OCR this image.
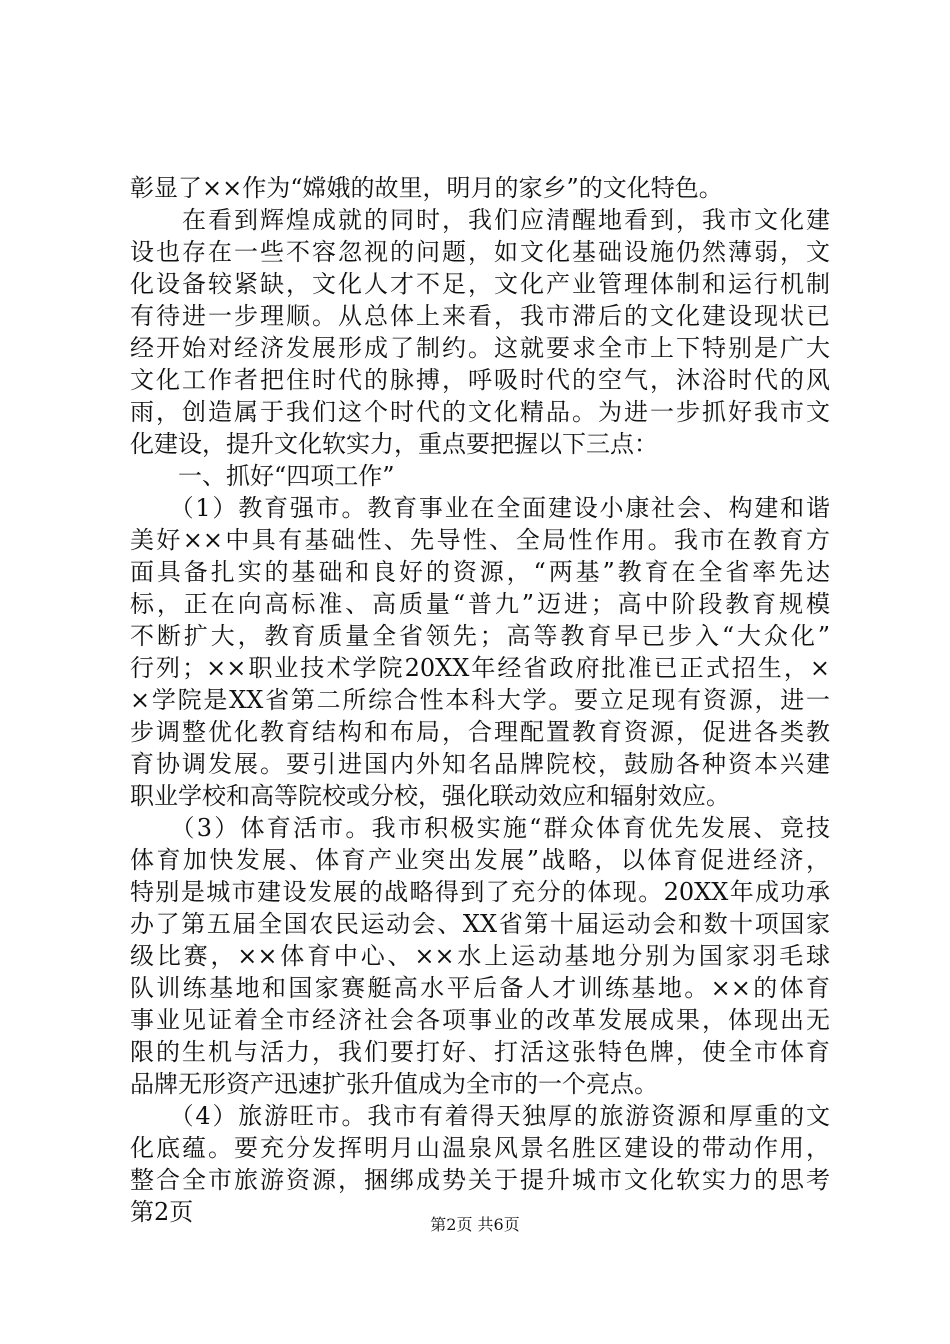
彰显了××作为“嫦娥的故里，明月的家乡”的文化特色。
　　在看到辉煌成就的同时，我们应清醒地看到，我市文化建
设也存在一些不容忽视的问题，如文化基础设施仍然薄弱，文
化设备较紧缺，文化人才不足，文化产业管理体制和运行机制
有待进一步理顺。从总体上来看，我市滞后的文化建设现状已
经开始对经济发展形成了制约。这就要求全市上下特别是广大
文化工作者把住时代的脉搏，呼吸时代的空气，沐浴时代的风
雨，创造属于我们这个时代的文化精品。为进一步抓好我市文
化建设，提升文化软实力，重点要把握以下三点：
　　一、抓好“四项工作”
　　（1）教育强市。教育事业在全面建设小康社会、构建和谐
美好××中具有基础性、先导性、全局性作用。我市在教育方
面具备扎实的基础和良好的资源，“两基”教育在全省率先达
标，正在向高标准、高质量“普九”迈进；高中阶段教育规模
不断扩大，教育质量全省领先；高等教育早已步入“大众化”
行列；××职业技术学院20XX年经省政府批准已正式招生，×
×学院是XX省第二所综合性本科大学。要立足现有资源，进一
步调整优化教育结构和布局，合理配置教育资源，促进各类教
育协调发展。要引进国内外知名品牌院校，鼓励各种资本兴建
职业学校和高等院校或分校，强化联动效应和辐射效应。
　　（3）体育活市。我市积极实施“群众体育优先发展、竞技
体育加快发展、体育产业突出发展”战略，以体育促进经济，
特别是城市建设发展的战略得到了充分的体现。20XX年成功承
办了第五届全国农民运动会、XX省第十届运动会和数十项国家
级比赛，××体育中心、××水上运动基地分别为国家羽毛球
队训练基地和国家赛艇高水平后备人才训练基地。××的体育
事业见证着全市经济社会各项事业的改革发展成果，体现出无
限的生机与活力，我们要打好、打活这张特色牌，使全市体育
品牌无形资产迅速扩张升值成为全市的一个亮点。
　　（4）旅游旺市。我市有着得天独厚的旅游资源和厚重的文
化底蕴。要充分发挥明月山温泉风景名胜区建设的带动作用，
整合全市旅游资源，捆绑成势关于提升城市文化软实力的思考
第2页	第2页 共6页
